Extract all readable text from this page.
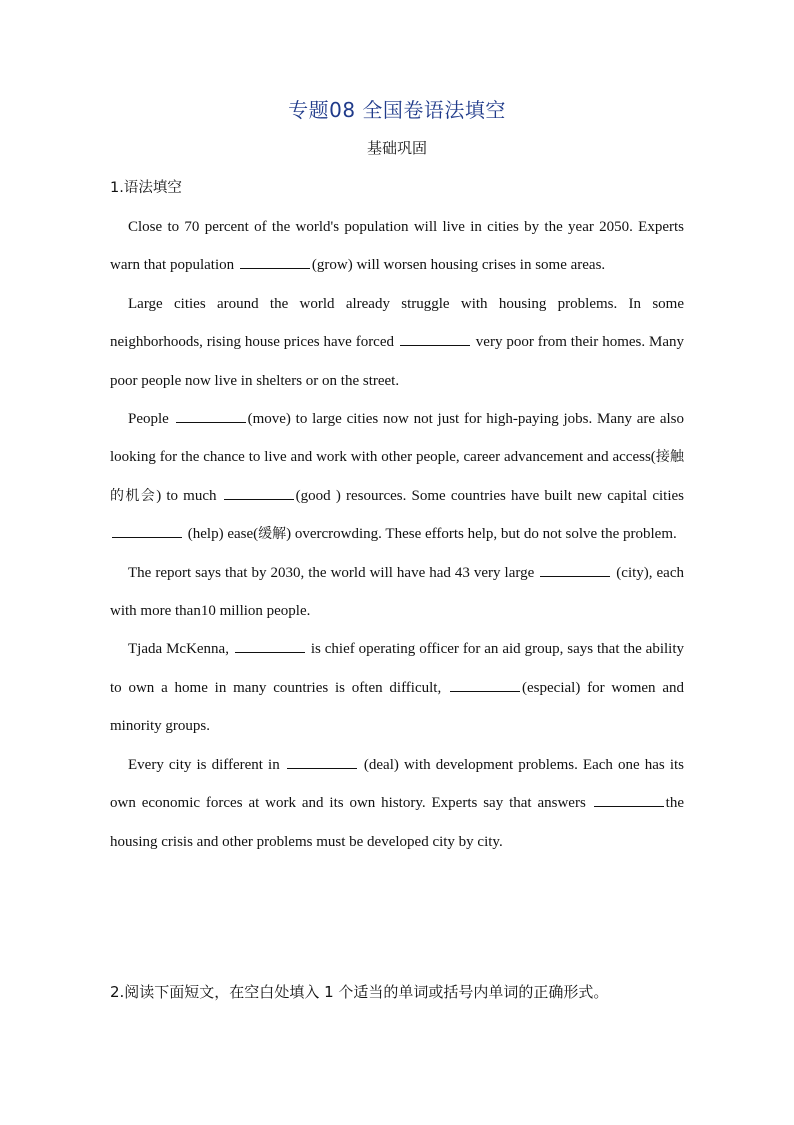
专题08 全国卷语法填空
基础巩固
1.语法填空

Close to 70 percent of the world's population will live in cities by the year 2050. Experts warn that population	(grow) will worsen housing crises in some areas.

Large cities around the world already struggle with housing problems. In some neighborhoods, rising house prices have forced	very poor from their homes. Many poor people now live in shelters or on the street.

People	(move) to large cities now not just for high-paying jobs. Many are also looking for the chance to live and work with other people, career advancement and access(接触的机会) to much	(good ) resources. Some countries have built new capital cities  (help) ease(缓解) overcrowding. These efforts help, but do not solve the problem.

The report says that by 2030, the world will have had 43 very large	(city), each with more than10 million people.

Tjada McKenna,	is chief operating officer for an aid group, says that the ability to own a home in many countries is often difficult,	(especial) for women and minority groups.

Every city is different in	(deal) with development problems. Each one has its own economic forces at work and its own history. Experts say that answers	the housing crisis and other problems must be developed city by city.

2.阅读下面短文，在空白处填入 1 个适当的单词或括号内单词的正确形式。
